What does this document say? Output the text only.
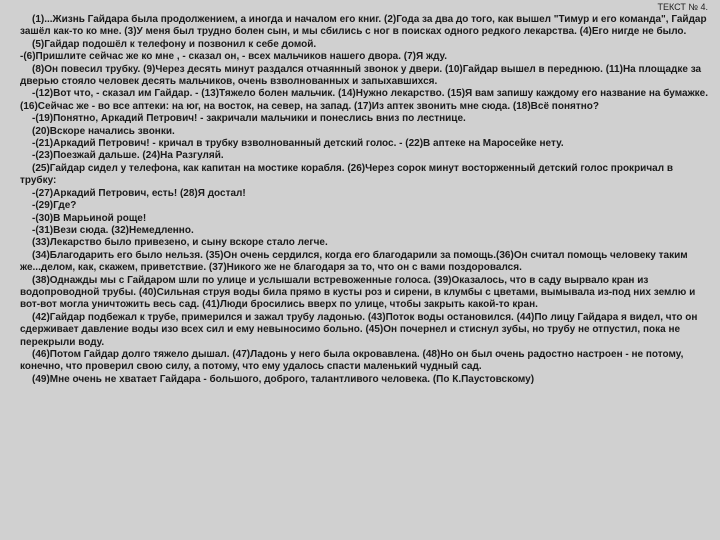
ТЕКСТ № 4.

(1)...Жизнь Гайдара была продолжением, а иногда и началом его книг. (2)Года за два до того, как вышел "Тимур и его команда", Гайдар зашёл как-то ко мне. (3)У меня был трудно болен сын, и мы сбились с ног в поисках одного редкого лекарства. (4)Его нигде не было.

(5)Гайдар подошёл к телефону и позвонил к себе домой.

-(6)Пришлите сейчас же ко мне , - сказал он, - всех мальчиков нашего двора. (7)Я жду.

(8)Он повесил трубку. (9)Через десять минут раздался отчаянный звонок у двери. (10)Гайдар вышел в переднюю. (11)На площадке за дверью стояло человек десять мальчиков, очень взволнованных и запыхавшихся.

-(12)Вот что, - сказал им Гайдар. - (13)Тяжело болен мальчик. (14)Нужно лекарство. (15)Я вам запишу каждому его название на бумажке. (16)Сейчас же - во все аптеки: на юг, на восток, на север, на запад. (17)Из аптек звонить мне сюда. (18)Всё понятно?

-(19)Понятно, Аркадий Петрович! - закричали мальчики и понеслись вниз по лестнице.

(20)Вскоре начались звонки.

-(21)Аркадий Петрович! - кричал в трубку взволнованный детский голос. - (22)В аптеке на Маросейке нету.

-(23)Поезжай дальше. (24)На Разгуляй.

(25)Гайдар сидел у телефона, как капитан на мостике корабля. (26)Через сорок минут восторженный детский голос прокричал в трубку:

-(27)Аркадий Петрович, есть! (28)Я достал!

-(29)Где?

-(30)В Марьиной роще!

-(31)Вези сюда. (32)Немедленно.

(33)Лекарство было привезено, и сыну вскоре стало легче.

(34)Благодарить его было нельзя. (35)Он очень сердился, когда его благодарили за помощь.(36)Он считал помощь человеку таким же...делом, как, скажем, приветствие. (37)Никого же не благодаря за то, что он с вами поздоровался.

(38)Однажды мы с Гайдаром шли по улице и услышали встревоженные голоса. (39)Оказалось, что в саду вырвало кран из водопроводной трубы. (40)Сильная струя воды била прямо в кусты роз и сирени, в клумбы с цветами, вымывала из-под них землю и вот-вот могла уничтожить весь сад. (41)Люди бросились вверх по улице, чтобы закрыть какой-то кран.

(42)Гайдар подбежал к трубе, примерился и зажал трубу ладонью. (43)Поток воды остановился. (44)По лицу Гайдара я видел, что он сдерживает давление воды изо всех сил и ему невыносимо больно. (45)Он почернел и стиснул зубы, но трубу не отпустил, пока не перекрыли воду.

(46)Потом Гайдар долго тяжело дышал. (47)Ладонь у него была окровавлена. (48)Но он был очень радостно настроен - не потому, конечно, что проверил свою силу, а потому, что ему удалось спасти маленький чудный сад.

(49)Мне очень не хватает Гайдара - большого, доброго, талантливого человека. (По К.Паустовскому)
